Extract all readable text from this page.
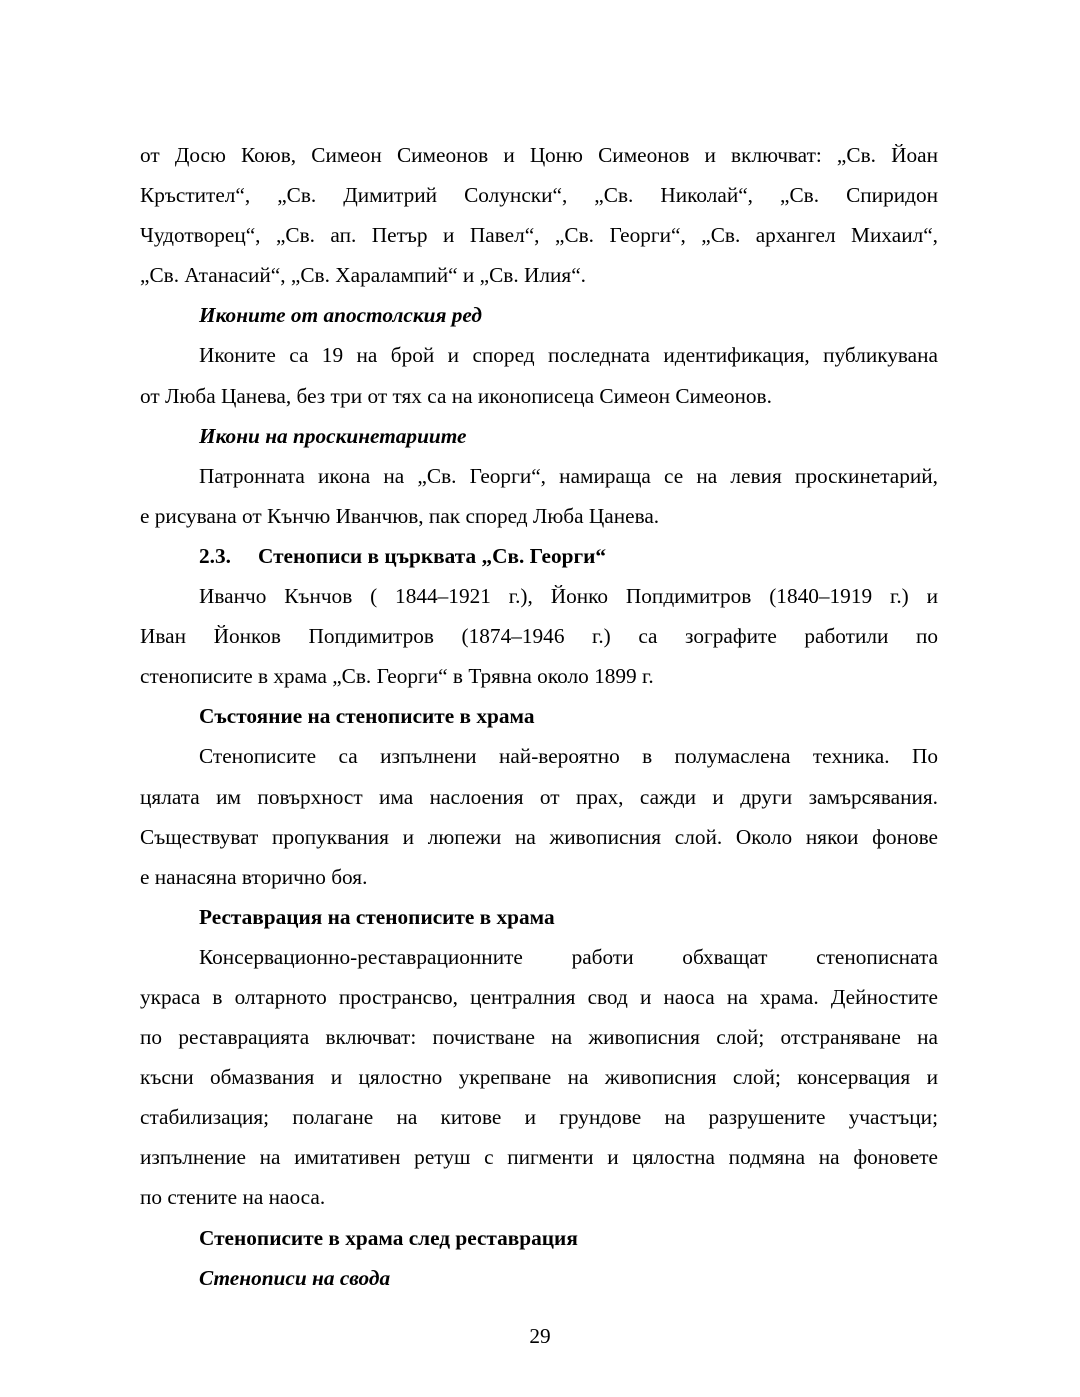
от Досю Коюв, Симеон Симеонов и Цоню Симеонов и включват: „Св. Йоан

Кръстител“, „Св. Димитрий Солунски“, „Св. Николай“, „Св. Спиридон

Чудотворец“, „Св. ап. Петър и Павел“, „Св. Георги“, „Св. архангел Михаил“,

„Св. Атанасий“, „Св. Харалампий“ и „Св. Илия“.

Иконите от апостолския ред

Иконите са 19 на брой и според последната идентификация, публикувана

от Люба Цанева, без три от тях са на иконописеца Симеон Симеонов.

Икони на проскинетариите

Патронната икона на „Св. Георги“, намираща се на левия проскинетарий,

е рисувана от Кънчю Иванчюв, пак според Люба Цанева.

2.3. Стенописи в църквата „Св. Георги“

Иванчо Кънчов ( 1844–1921 г.), Йонко Попдимитров (1840–1919 г.) и

Иван Йонков Попдимитров (1874–1946 г.) са зографите работили по

стенописите в храма „Св. Георги“ в Трявна около 1899 г.

Състояние на стенописите в храма

Стенописите са изпълнени най-вероятно в полумаслена техника. По

цялата им повърхност има наслоения от прах, сажди и други замърсявания.

Съществуват пропуквания и люпежи на живописния слой. Около някои фонове

е нанасяна вторично боя.

Реставрация на стенописите в храма

Консервационно-реставрационните работи обхващат стенописната

украса в олтарното пространсво, централния свод и наоса на храма. Дейностите

по реставрацията включват: почистване на живописния слой; отстраняване на

късни обмазвания и цялостно укрепване на живописния слой; консервация и

стабилизация; полагане на китове и грундове на разрушените участъци;

изпълнение на имитативен ретуш с пигменти и цялостна подмяна на фоновете

по стените на наоса.

Стенописите в храма след реставрация

Стенописи на свода

29
